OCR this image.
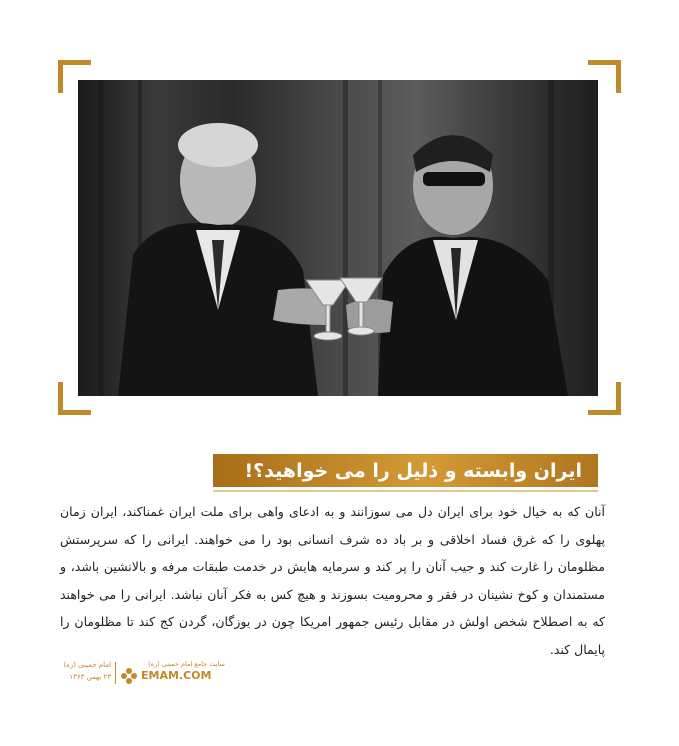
ایران وابسته و ذلیل را می خواهید؟!

آنان که به خیال خود برای ایران دل می سوزانند و به ادعای واهی برای ملت ایران غمناکند، ایران زمان پهلوی را که غرق فساد اخلاقی و بر باد ده شرف انسانی بود را می خواهند. ایرانی را که سرپرستش مظلومان را غارت کند و جیب آنان را پر کند و سرمایه هایش در خدمت طبقات مرفه و بالانشین باشد، و مستمندان و کوخ نشینان در فقر و محرومیت بسوزند و هیچ کس به فکر آنان نباشد. ایرانی را می خواهند که به اصطلاح شخص اولش در مقابل رئیس جمهور امریکا چون در یوزگان، گردن کج کند تا مظلومان را پایمال کند.

سایت جامع امام خمینی (ره)
EMAM.COM
امام خمینی (ره)
۲۳ بهمن ۱۳۶۳
